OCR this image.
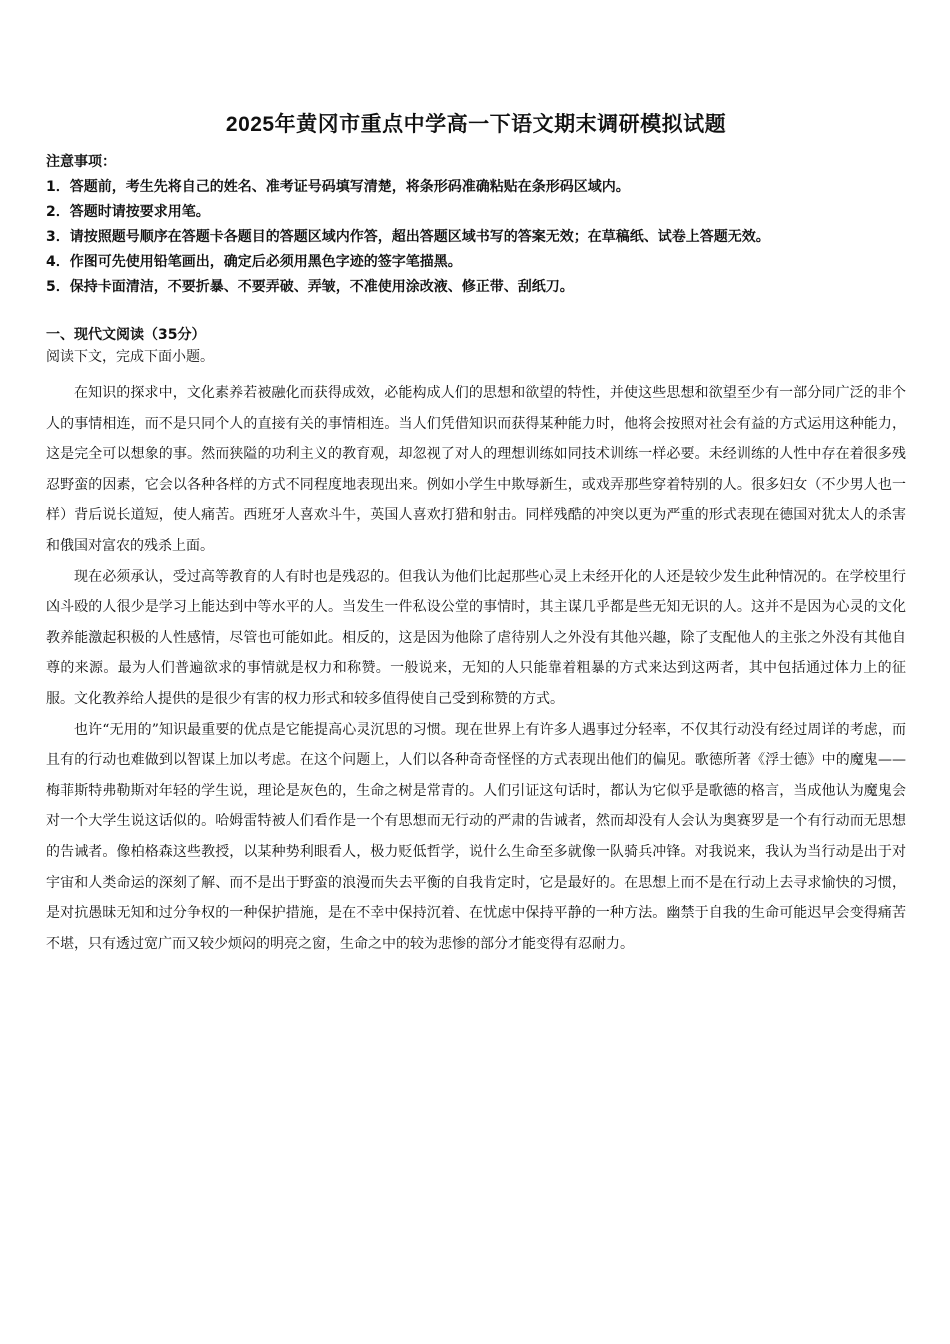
2025年黄冈市重点中学高一下语文期末调研模拟试题
注意事项：
1．答题前，考生先将自己的姓名、准考证号码填写清楚，将条形码准确粘贴在条形码区域内。
2．答题时请按要求用笔。
3．请按照题号顺序在答题卡各题目的答题区域内作答，超出答题区域书写的答案无效；在草稿纸、试卷上答题无效。
4．作图可先使用铅笔画出，确定后必须用黑色字迹的签字笔描黑。
5．保持卡面清洁，不要折暴、不要弄破、弄皱，不准使用涂改液、修正带、刮纸刀。
一、现代文阅读（35分）
阅读下文，完成下面小题。

在知识的探求中，文化素养若被融化而获得成效，必能构成人们的思想和欲望的特性，并使这些思想和欲望至少有一部分同广泛的非个人的事情相连，而不是只同个人的直接有关的事情相连。当人们凭借知识而获得某种能力时，他将会按照对社会有益的方式运用这种能力，这是完全可以想象的事。然而狭隘的功利主义的教育观，却忽视了对人的理想训练如同技术训练一样必要。未经训练的人性中存在着很多残忍野蛮的因素，它会以各种各样的方式不同程度地表现出来。例如小学生中欺辱新生，或戏弄那些穿着特别的人。很多妇女（不少男人也一样）背后说长道短，使人痛苦。西班牙人喜欢斗牛，英国人喜欢打猎和射击。同样残酷的冲突以更为严重的形式表现在德国对犹太人的杀害和俄国对富农的残杀上面。

现在必须承认，受过高等教育的人有时也是残忍的。但我认为他们比起那些心灵上未经开化的人还是较少发生此种情况的。在学校里行凶斗殴的人很少是学习上能达到中等水平的人。当发生一件私设公堂的事情时，其主谋几乎都是些无知无识的人。这并不是因为心灵的文化教养能激起积极的人性感情，尽管也可能如此。相反的，这是因为他除了虐待别人之外没有其他兴趣，除了支配他人的主张之外没有其他自尊的来源。最为人们普遍欲求的事情就是权力和称赞。一般说来，无知的人只能靠着粗暴的方式来达到这两者，其中包括通过体力上的征服。文化教养给人提供的是很少有害的权力形式和较多值得使自己受到称赞的方式。

也许“无用的”知识最重要的优点是它能提高心灵沉思的习惯。现在世界上有许多人遇事过分轻率，不仅其行动没有经过周详的考虑，而且有的行动也难做到以智谋上加以考虑。在这个问题上，人们以各种奇奇怪怪的方式表现出他们的偏见。歌德所著《浮士德》中的魔鬼——梅菲斯特弗勒斯对年轻的学生说，理论是灰色的，生命之树是常青的。人们引证这句话时，都认为它似乎是歌德的格言，当成他认为魔鬼会对一个大学生说这话似的。哈姆雷特被人们看作是一个有思想而无行动的严肃的告诫者，然而却没有人会认为奥赛罗是一个有行动而无思想的告诫者。像柏格森这些教授，以某种势利眼看人，极力贬低哲学，说什么生命至多就像一队骑兵冲锋。对我说来，我认为当行动是出于对宇宙和人类命运的深刻了解、而不是出于野蛮的浪漫而失去平衡的自我肯定时，它是最好的。在思想上而不是在行动上去寻求愉快的习惯，是对抗愚昧无知和过分争权的一种保护措施，是在不幸中保持沉着、在忧虑中保持平静的一种方法。幽禁于自我的生命可能迟早会变得痛苦不堪，只有透过宽广而又较少烦闷的明亮之窗，生命之中的较为悲惨的部分才能变得有忍耐力。
